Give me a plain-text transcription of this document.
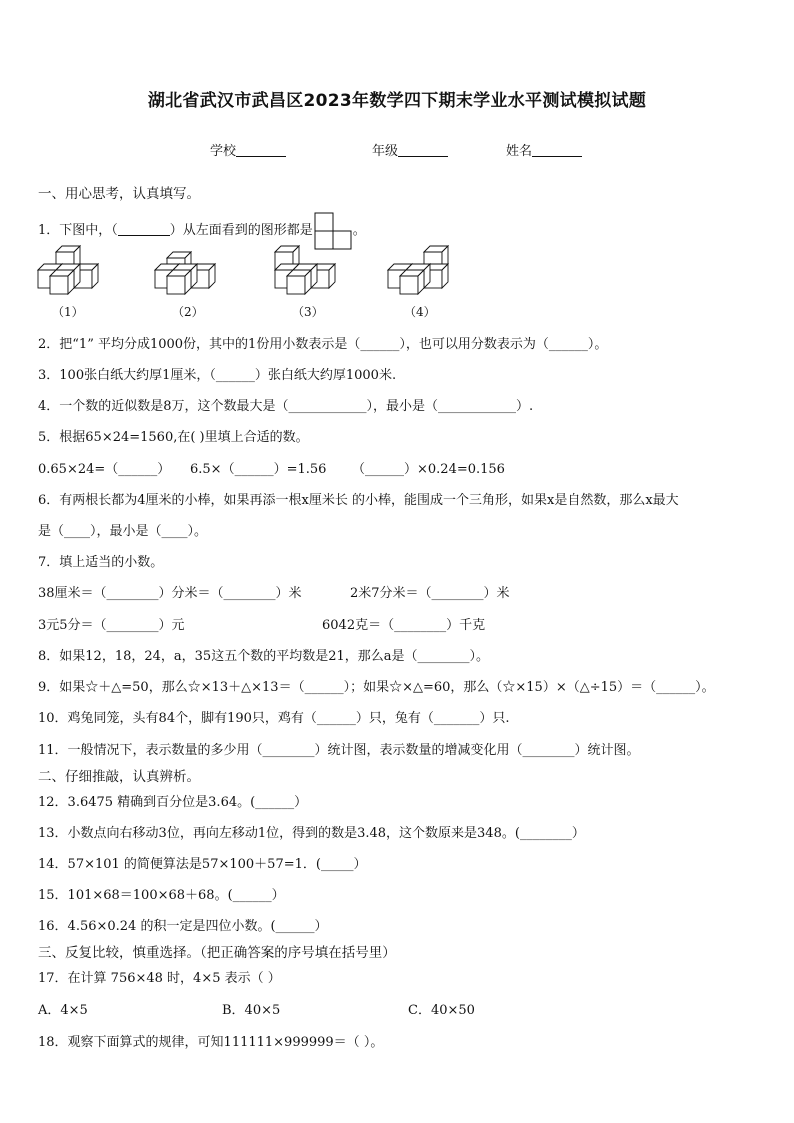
湖北省武汉市武昌区2023年数学四下期末学业水平测试模拟试题
学校	年级	姓名
一、用心思考，认真填写。
1．下图中，（	）从左面看到的图形都是	。
（1）	（2）	（3）	（4）
2．把“1” 平均分成1000份，其中的1份用小数表示是（______），也可以用分数表示为（______）。
3．100张白纸大约厚1厘米，（______）张白纸大约厚1000米.
4．一个数的近似数是8万，这个数最大是（____________），最小是（____________）.
5．根据65×24=1560,在( )里填上合适的数。
0.65×24=（______） 6.5×（______）=1.56 （______）×0.24=0.156
6．有两根长都为4厘米的小棒，如果再添一根x厘米长 的小棒，能围成一个三角形，如果x是自然数，那么x最大
是（____），最小是（____）。
7．填上适当的小数。
38厘米＝（________）分米＝（________）米	2米7分米＝（________）米
3元5分＝（________）元	6042克＝（________）千克
8．如果12，18，24，a，35这五个数的平均数是21，那么a是（________）。
9．如果☆＋△=50，那么☆×13＋△×13＝（______）；如果☆×△=60，那么（☆×15）×（△÷15）＝（______）。
10．鸡兔同笼，头有84个，脚有190只，鸡有（______）只，兔有（_______）只.
11．一般情况下，表示数量的多少用（________）统计图，表示数量的增减变化用（________）统计图。
二、仔细推敲，认真辨析。
12．3.6475 精确到百分位是3.64。(______）
13．小数点向右移动3位，再向左移动1位，得到的数是3.48，这个数原来是348。(________）
14．57×101 的简便算法是57×100＋57=1．(_____）
15．101×68＝100×68＋68。(______）
16．4.56×0.24 的积一定是四位小数。(______）
三、反复比较，慎重选择。（把正确答案的序号填在括号里）
17．在计算 756×48 时，4×5 表示（ ）
A．4×5	B．40×5	C．40×50
18．观察下面算式的规律，可知111111×999999＝（ ）。
